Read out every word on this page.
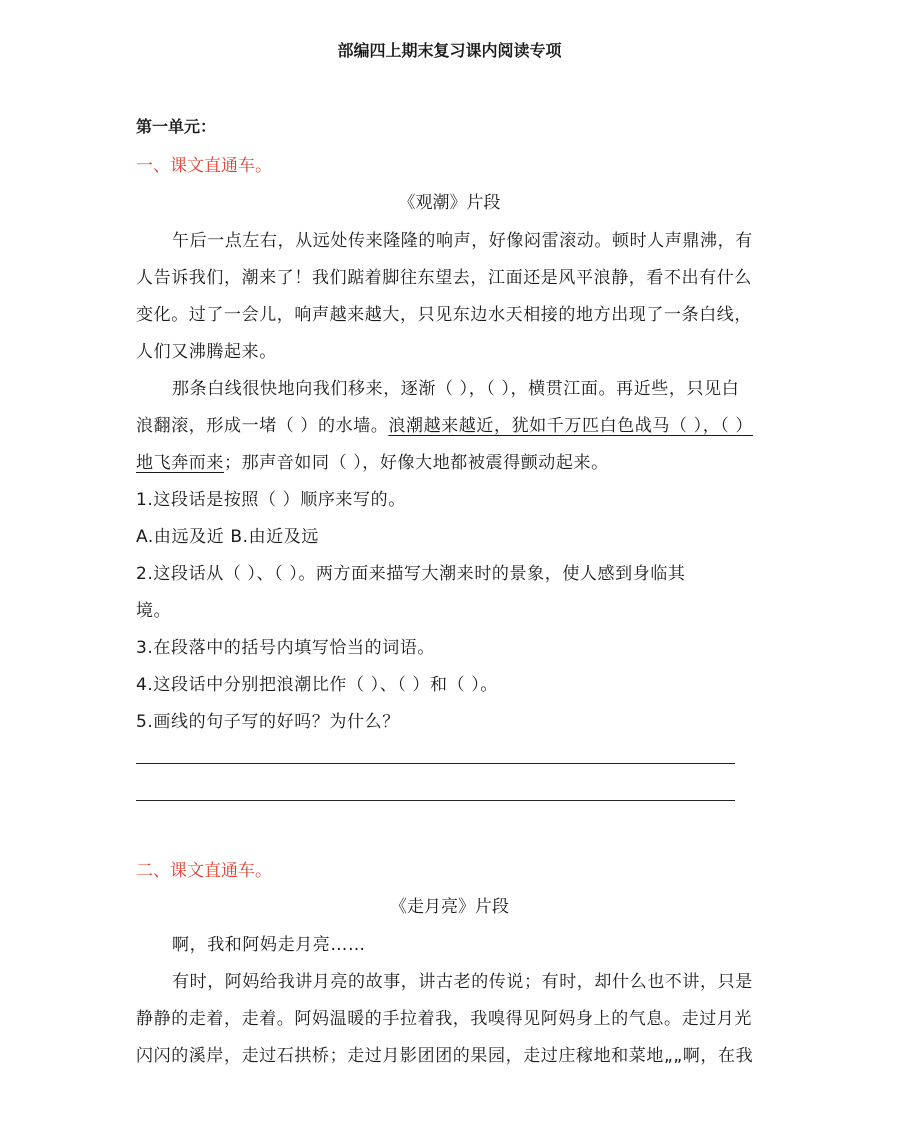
部编四上期末复习课内阅读专项
第一单元：
一、课文直通车。
《观潮》片段
午后一点左右，从远处传来隆隆的响声，好像闷雷滚动。顿时人声鼎沸，有
人告诉我们，潮来了！我们踮着脚往东望去，江面还是风平浪静，看不出有什么
变化。过了一会儿，响声越来越大，只见东边水天相接的地方出现了一条白线，
人们又沸腾起来。
那条白线很快地向我们移来，逐渐（ ），（ ），横贯江面。再近些，只见白
浪翻滚，形成一堵（ ）的水墙。浪潮越来越近，犹如千万匹白色战马（ ），（ ）
地飞奔而来；那声音如同（ ），好像大地都被震得颤动起来。
1.这段话是按照（ ）顺序来写的。
A.由远及近 B.由近及远
2.这段话从（ ）、（ ）。两方面来描写大潮来时的景象，使人感到身临其
境。
3.在段落中的括号内填写恰当的词语。
4.这段话中分别把浪潮比作（ ）、（ ）和（ ）。
5.画线的句子写的好吗？为什么？
二、课文直通车。
《走月亮》片段
啊，我和阿妈走月亮……
有时，阿妈给我讲月亮的故事，讲古老的传说；有时，却什么也不讲，只是
静静的走着，走着。阿妈温暖的手拉着我，我嗅得见阿妈身上的气息。走过月光
闪闪的溪岸，走过石拱桥；走过月影团团的果园，走过庄稼地和菜地„„啊，在我
